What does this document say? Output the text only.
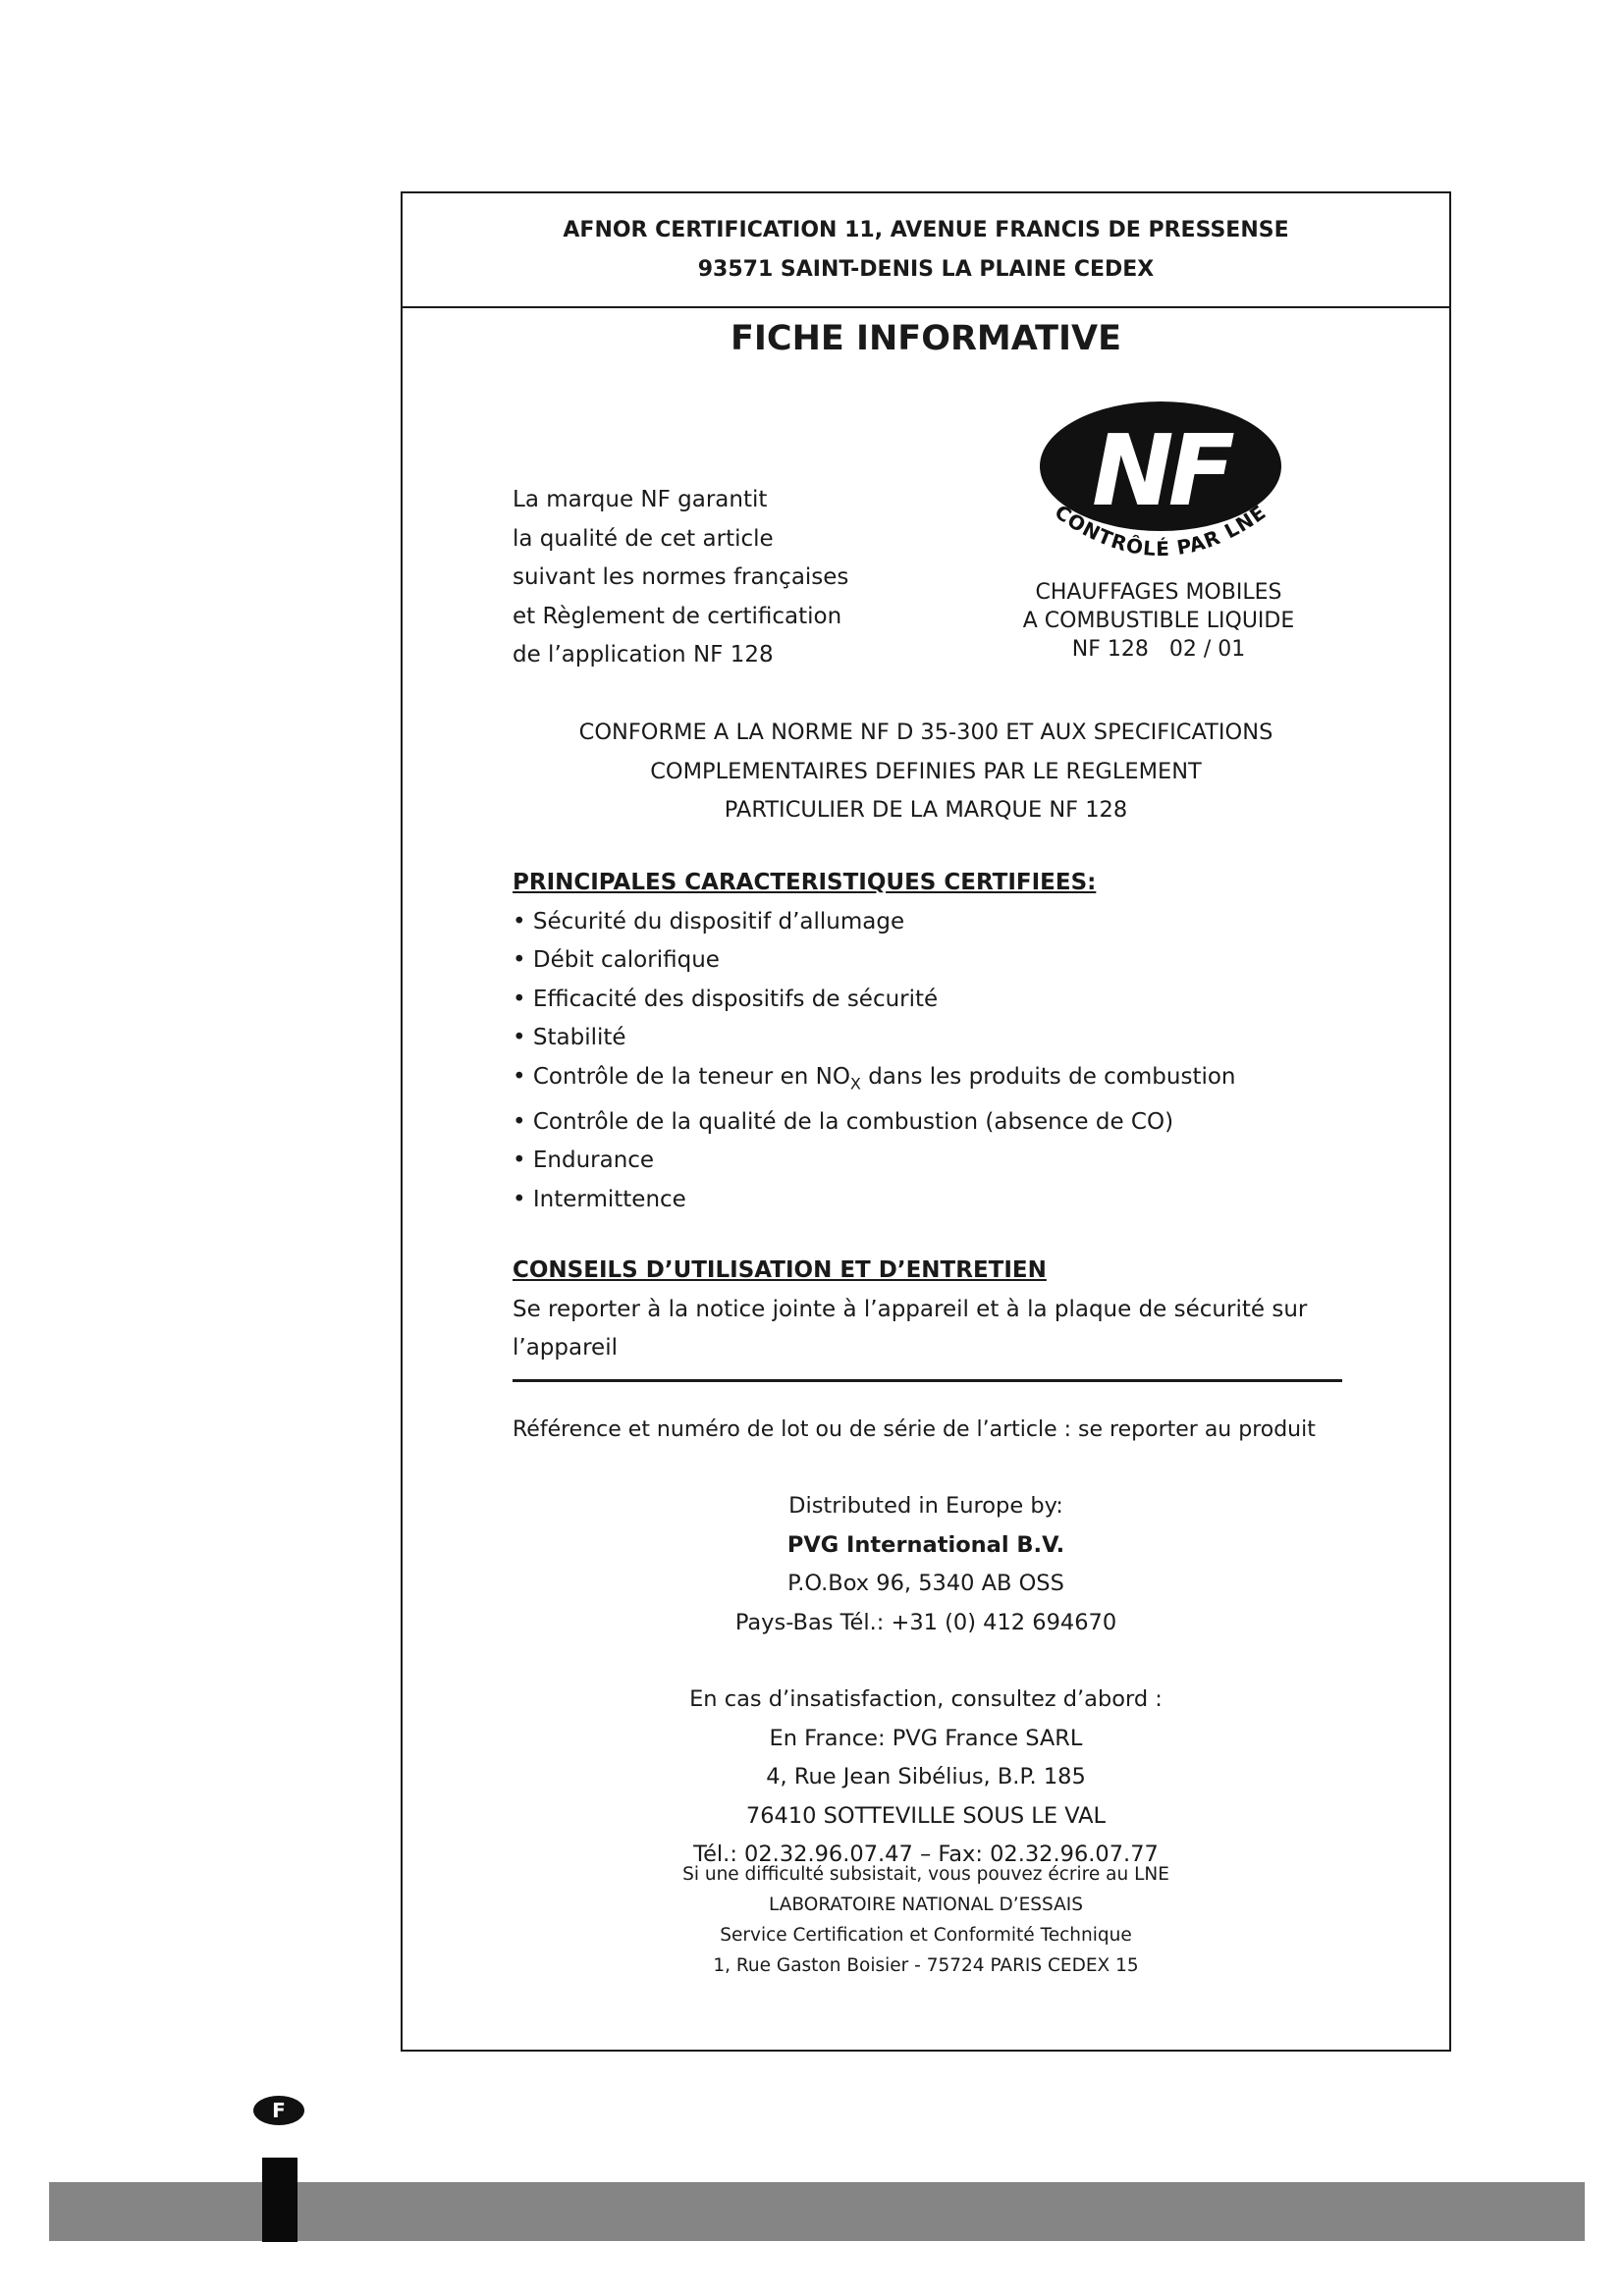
AFNOR CERTIFICATION 11, AVENUE FRANCIS DE PRESSENSE
93571 SAINT-DENIS LA PLAINE CEDEX
FICHE INFORMATIVE
La marque NF garantit
la qualité de cet article
suivant les normes françaises
et Règlement de certification
de l’application NF 128
NF
CONTRÔLÉ PAR LNE
CHAUFFAGES MOBILES
A COMBUSTIBLE LIQUIDE
NF 128   02 / 01
CONFORME A LA NORME NF D 35-300 ET AUX SPECIFICATIONS
COMPLEMENTAIRES DEFINIES PAR LE REGLEMENT
PARTICULIER DE LA MARQUE NF 128
PRINCIPALES CARACTERISTIQUES CERTIFIEES:
• Sécurité du dispositif d’allumage
• Débit calorifique
• Efficacité des dispositifs de sécurité
• Stabilité
• Contrôle de la teneur en $NO_X$ dans les produits de combustion
• Contrôle de la qualité de la combustion (absence de CO)
• Endurance
• Intermittence
CONSEILS D’UTILISATION ET D’ENTRETIEN
Se reporter à la notice jointe à l’appareil et à la plaque de sécurité sur
l’appareil
Référence et numéro de lot ou de série de l’article : se reporter au produit
Distributed in Europe by:
PVG International B.V.
P.O.Box 96, 5340 AB OSS
Pays-Bas Tél.: +31 (0) 412 694670
En cas d’insatisfaction, consultez d’abord :
En France: PVG France SARL
4, Rue Jean Sibélius, B.P. 185
76410 SOTTEVILLE SOUS LE VAL
Tél.: 02.32.96.07.47 – Fax: 02.32.96.07.77
Si une difficulté subsistait, vous pouvez écrire au LNE
LABORATOIRE NATIONAL D’ESSAIS
Service Certification et Conformité Technique
1, Rue Gaston Boisier - 75724 PARIS CEDEX 15
F
